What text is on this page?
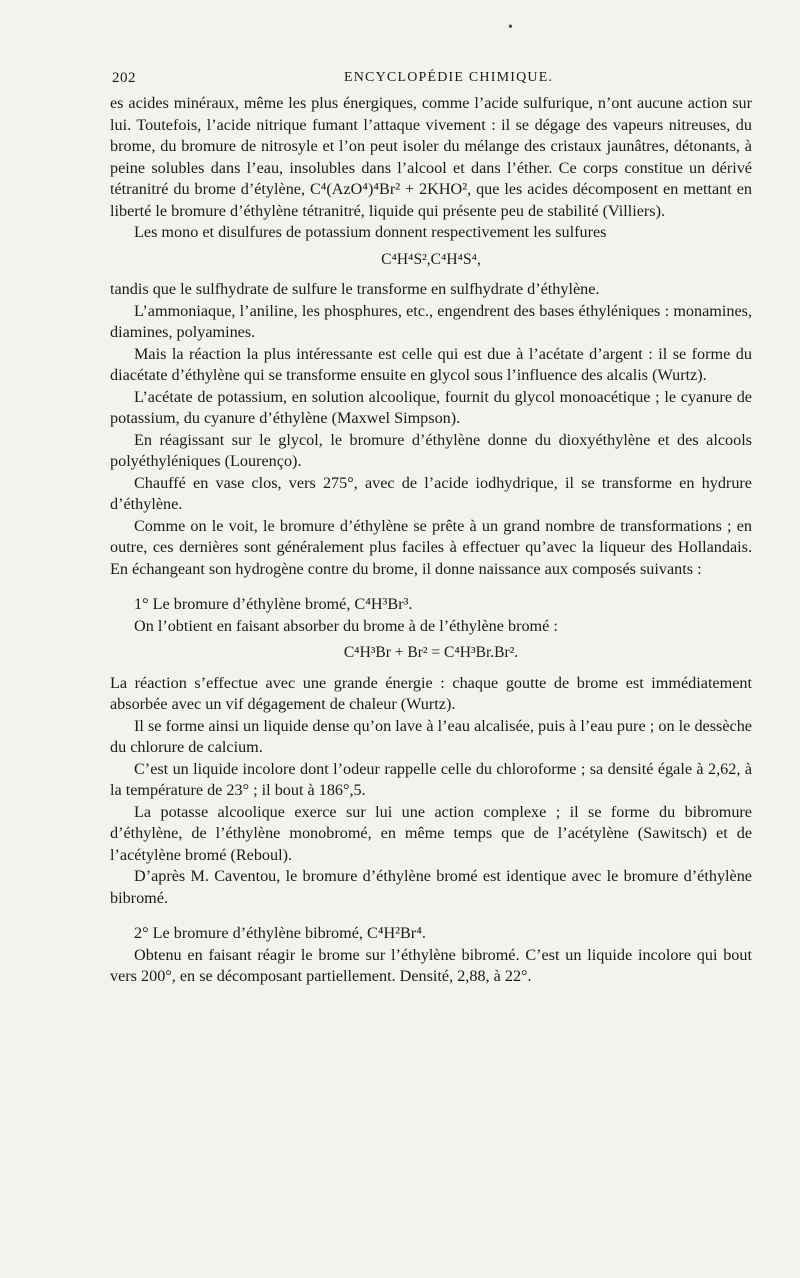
•
202	ENCYCLOPÉDIE CHIMIQUE.

es acides minéraux, même les plus énergiques, comme l’acide sulfurique, n’ont aucune action sur lui. Toutefois, l’acide nitrique fumant l’attaque vivement : il se dégage des vapeurs nitreuses, du brome, du bromure de nitrosyle et l’on peut isoler du mélange des cristaux jaunâtres, détonants, à peine solubles dans l’eau, insolubles dans l’alcool et dans l’éther. Ce corps constitue un dérivé tétranitré du brome d’étylène, C⁴(AzO⁴)⁴Br² + 2KHO², que les acides décomposent en mettant en liberté le bromure d’éthylène tétranitré, liquide qui présente peu de stabilité (Villiers).

Les mono et disulfures de potassium donnent respectivement les sulfures

C⁴H⁴S²,C⁴H⁴S⁴,

tandis que le sulfhydrate de sulfure le transforme en sulfhydrate d’éthylène.

L’ammoniaque, l’aniline, les phosphures, etc., engendrent des bases éthyléniques : monamines, diamines, polyamines.

Mais la réaction la plus intéressante est celle qui est due à l’acétate d’argent : il se forme du diacétate d’éthylène qui se transforme ensuite en glycol sous l’influence des alcalis (Wurtz).

L’acétate de potassium, en solution alcoolique, fournit du glycol monoacétique ; le cyanure de potassium, du cyanure d’éthylène (Maxwel Simpson).

En réagissant sur le glycol, le bromure d’éthylène donne du dioxyéthylène et des alcools polyéthyléniques (Lourenço).

Chauffé en vase clos, vers 275°, avec de l’acide iodhydrique, il se transforme en hydrure d’éthylène.

Comme on le voit, le bromure d’éthylène se prête à un grand nombre de transformations ; en outre, ces dernières sont généralement plus faciles à effectuer qu’avec la liqueur des Hollandais. En échangeant son hydrogène contre du brome, il donne naissance aux composés suivants :

1° Le bromure d’éthylène bromé, C⁴H³Br³.

On l’obtient en faisant absorber du brome à de l’éthylène bromé :

C⁴H³Br + Br² = C⁴H³Br.Br².

La réaction s’effectue avec une grande énergie : chaque goutte de brome est immédiatement absorbée avec un vif dégagement de chaleur (Wurtz).

Il se forme ainsi un liquide dense qu’on lave à l’eau alcalisée, puis à l’eau pure ; on le dessèche du chlorure de calcium.

C’est un liquide incolore dont l’odeur rappelle celle du chloroforme ; sa densité égale à 2,62, à la température de 23° ; il bout à 186°,5.

La potasse alcoolique exerce sur lui une action complexe ; il se forme du bibromure d’éthylène, de l’éthylène monobromé, en même temps que de l’acétylène (Sawitsch) et de l’acétylène bromé (Reboul).

D’après M. Caventou, le bromure d’éthylène bromé est identique avec le bromure d’éthylène bibromé.

2° Le bromure d’éthylène bibromé, C⁴H²Br⁴.

Obtenu en faisant réagir le brome sur l’éthylène bibromé. C’est un liquide incolore qui bout vers 200°, en se décomposant partiellement. Densité, 2,88, à 22°.
